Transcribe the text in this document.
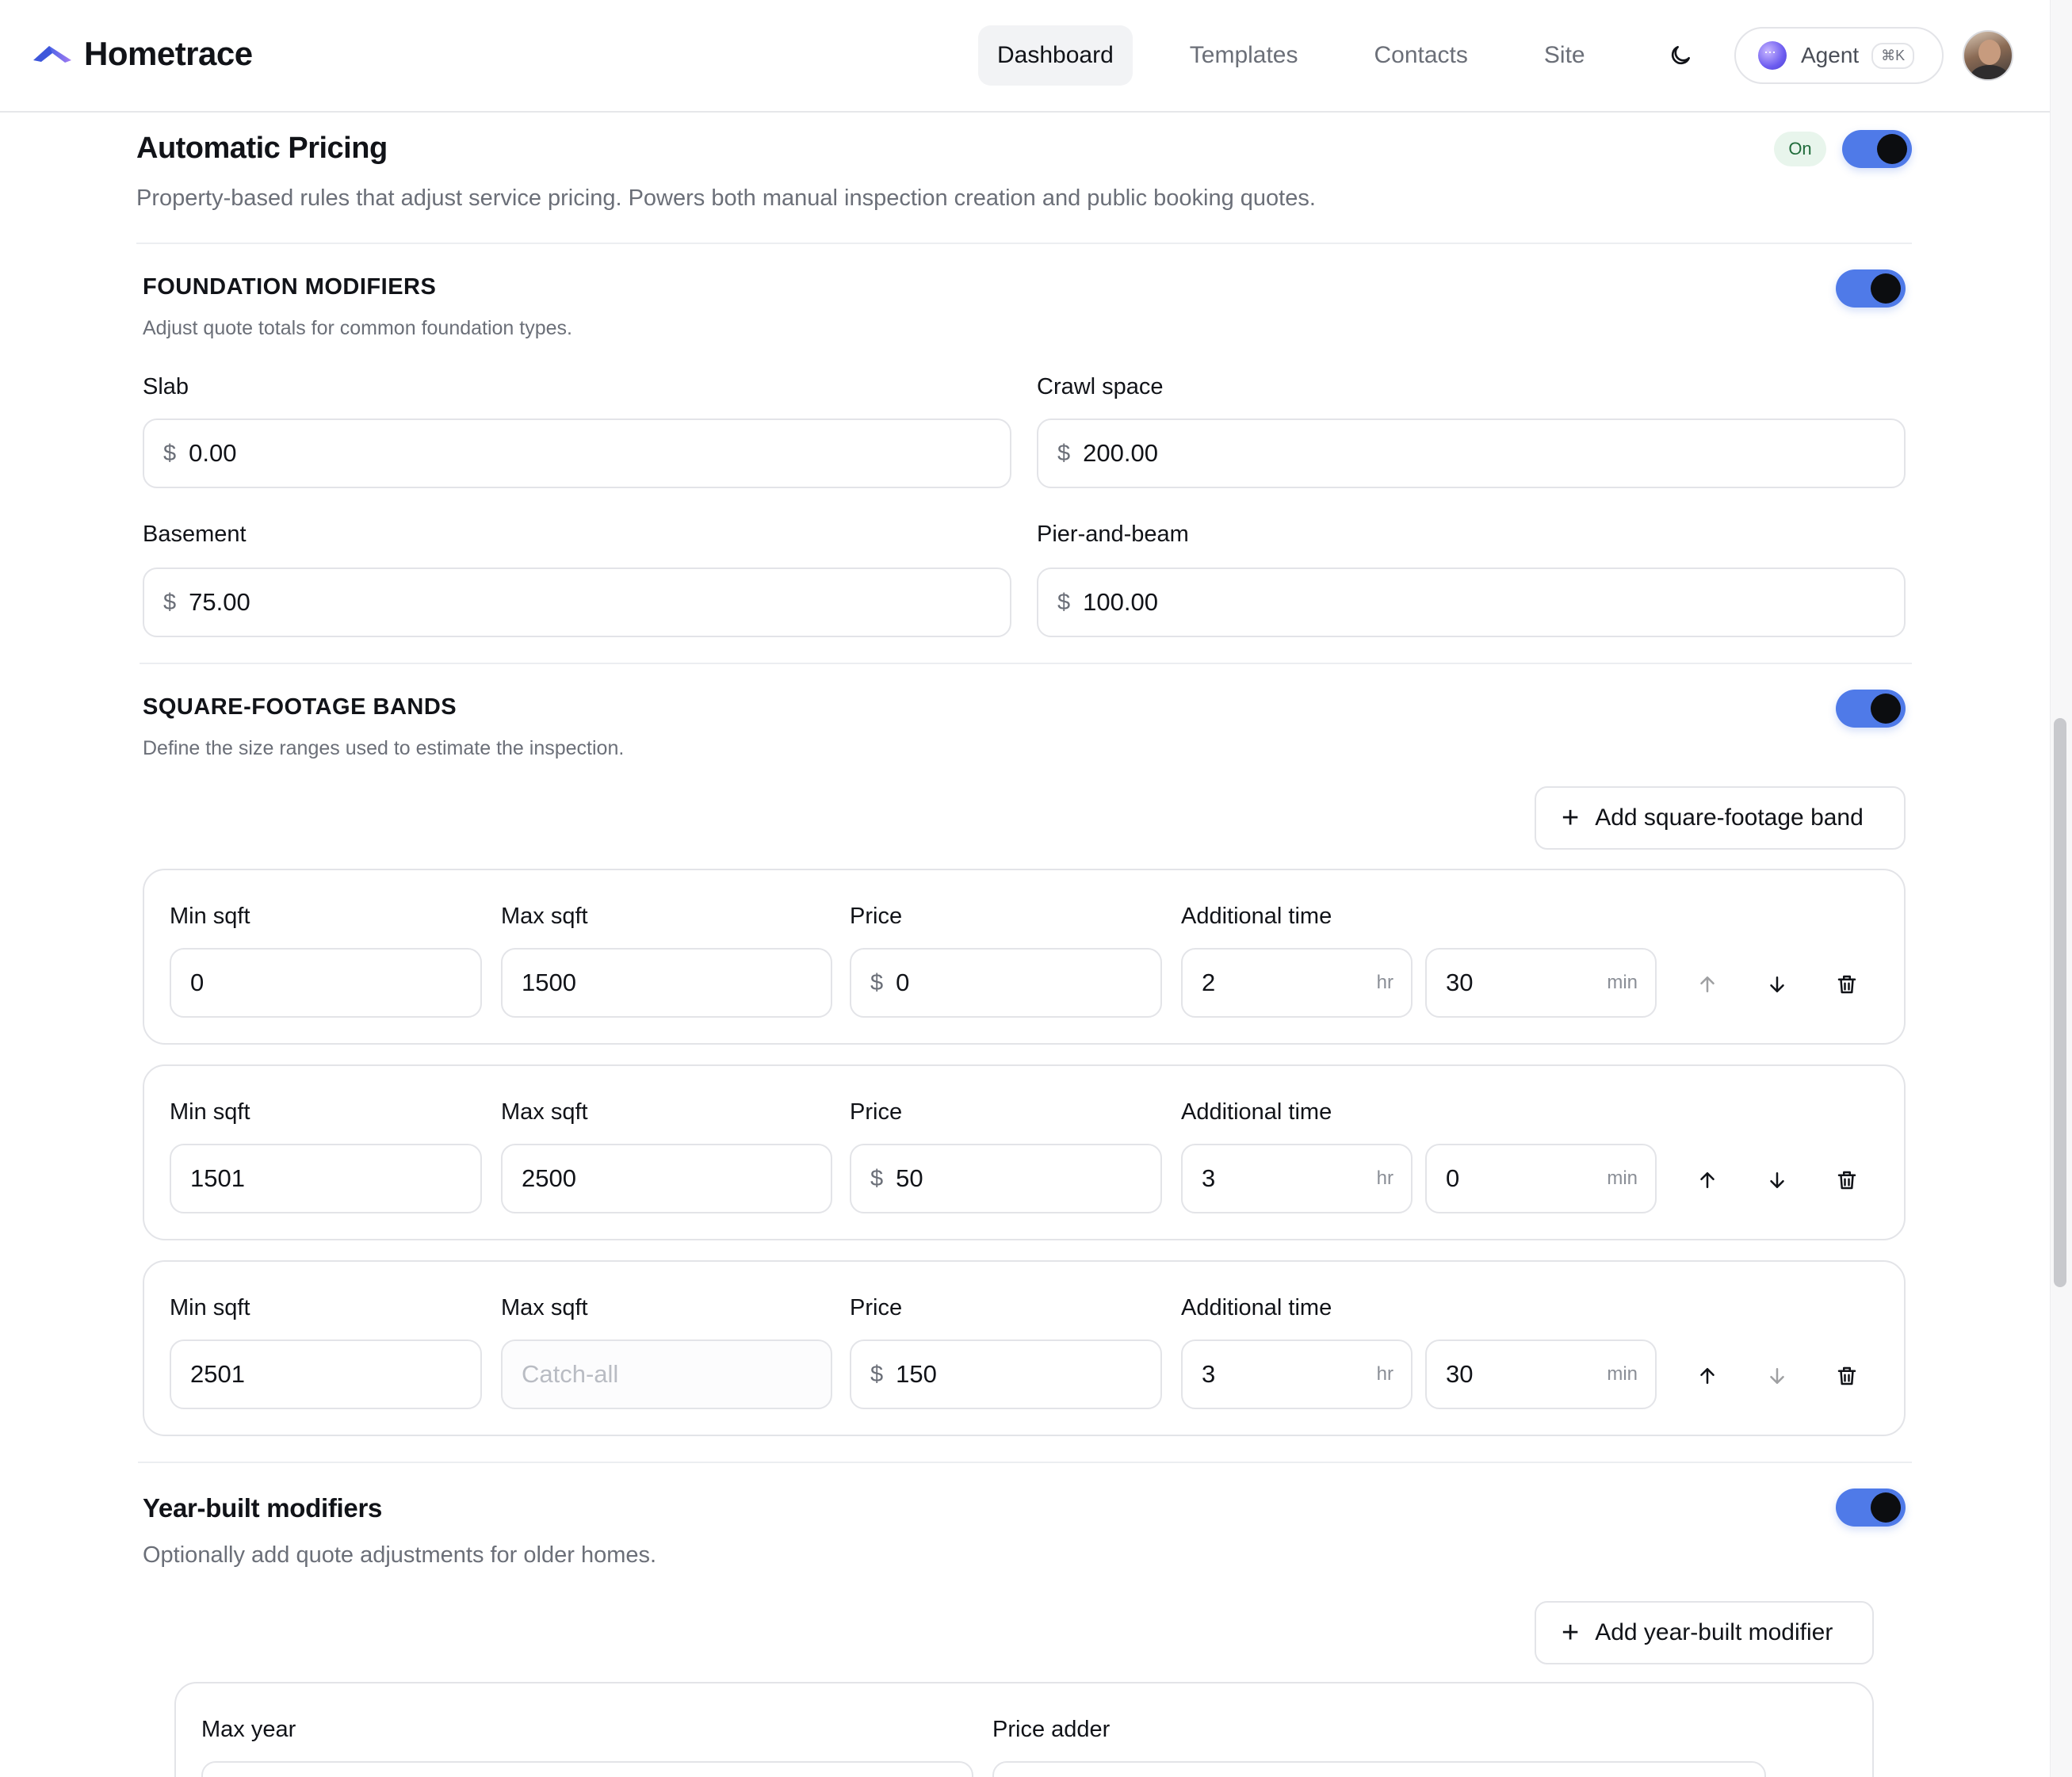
Hometrace	Dashboard	Templates	Contacts	Site
···	Agent	⌘K
Automatic Pricing	On
Property-based rules that adjust service pricing. Powers both manual inspection creation and public booking quotes.
FOUNDATION MODIFIERS
Adjust quote totals for common foundation types.
Slab
$ 0.00
Crawl space
$ 200.00
Basement
$ 75.00
Pier-and-beam
$ 100.00
SQUARE-FOOTAGE BANDS
Define the size ranges used to estimate the inspection.
+ Add square-footage band
Min sqft	Max sqft	Price	Additional time
0	1500	$ 0	2	hr 30	min
Min sqft	Max sqft	Price	Additional time
1501	2500	$ 50	3	hr 0	min
Min sqft	Max sqft	Price	Additional time
2501	Catch-all	$ 150	3	hr 30	min
Year-built modifiers
Optionally add quote adjustments for older homes.
+ Add year-built modifier
Max year	Price adder
